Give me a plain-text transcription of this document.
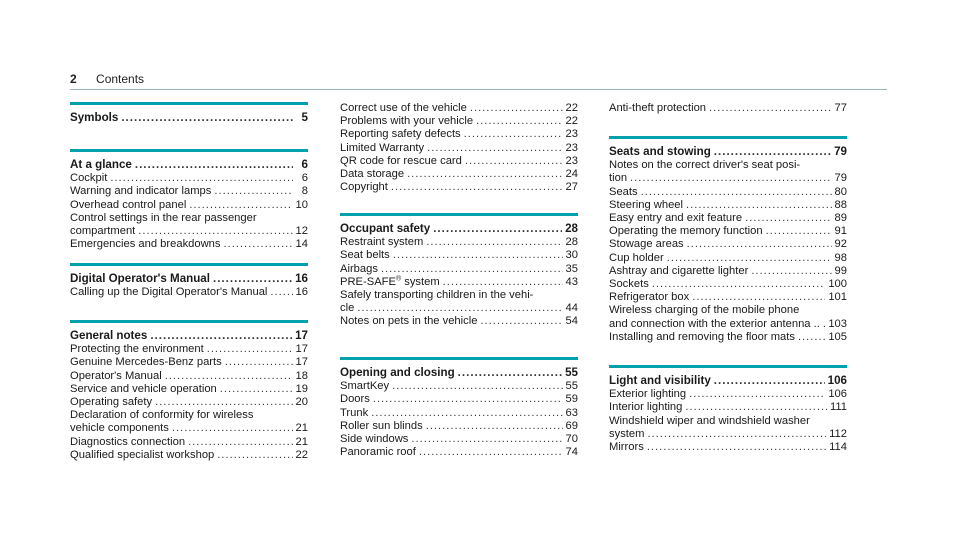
2 Contents
Symbols .....	5
At a glance .....	6
Cockpit .....	6
Warning and indicator lamps .....	8
Overhead control panel .....	10
Control settings in the rear passenger
compartment .....	12
Emergencies and breakdowns .....	14
Digital Operator's Manual .....	16
Calling up the Digital Operator's Manual .....	16
General notes .....	17
Protecting the environment .....	17
Genuine Mercedes-Benz parts .....	17
Operator's Manual .....	18
Service and vehicle operation .....	19
Operating safety .....	20
Declaration of conformity for wireless
vehicle components .....	21
Diagnostics connection .....	21
Qualified specialist workshop .....	22
Correct use of the vehicle .....	22
Problems with your vehicle .....	22
Reporting safety defects .....	23
Limited Warranty .....	23
QR code for rescue card .....	23
Data storage .....	24
Copyright .....	27
Occupant safety .....	28
Restraint system .....	28
Seat belts .....	30
Airbags .....	35
PRE-SAFE® system .....	43
Safely transporting children in the vehi-
cle .....	44
Notes on pets in the vehicle .....	54
Opening and closing .....	55
SmartKey .....	55
Doors .....	59
Trunk .....	63
Roller sun blinds .....	69
Side windows .....	70
Panoramic roof .....	74
Anti-theft protection .....	77
Seats and stowing .....	79
Notes on the correct driver's seat posi-
tion .....	79
Seats .....	80
Steering wheel .....	88
Easy entry and exit feature .....	89
Operating the memory function .....	91
Stowage areas .....	92
Cup holder .....	98
Ashtray and cigarette lighter .....	99
Sockets .....	100
Refrigerator box .....	101
Wireless charging of the mobile phone
and connection with the exterior antenna .. ..... 103
Installing and removing the floor mats .....	105
Light and visibility .....	106
Exterior lighting .....	106
Interior lighting .....	111
Windshield wiper and windshield washer
system .....	112
Mirrors .....	114
